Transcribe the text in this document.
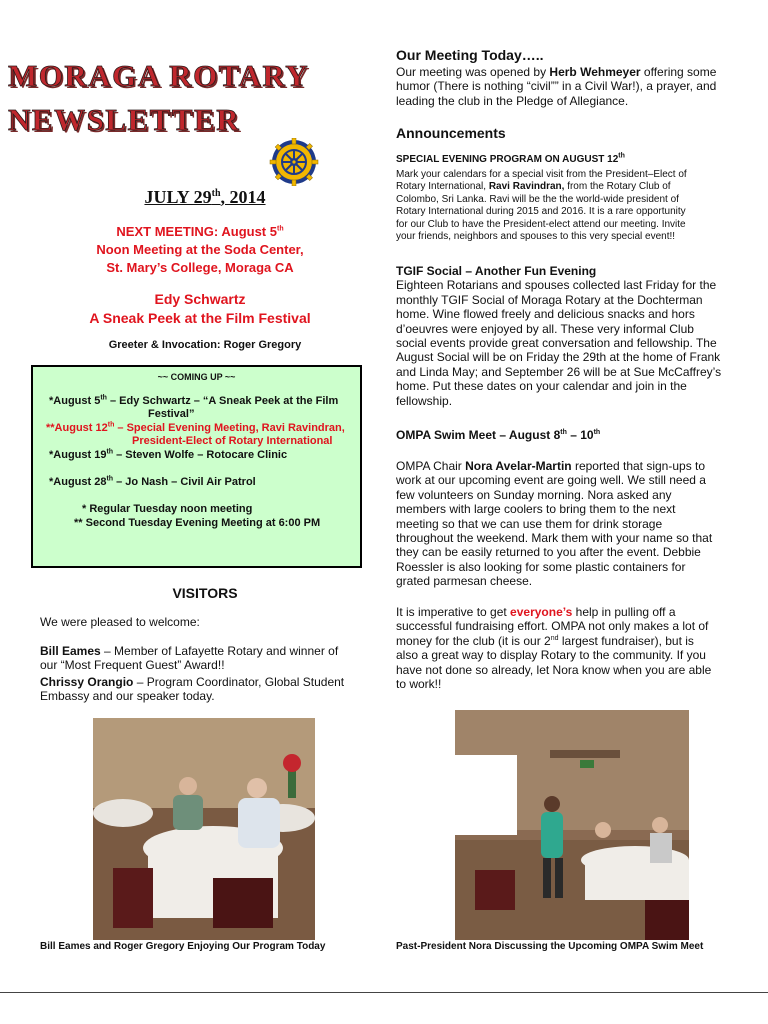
MORAGA ROTARY
NEWSLETTER
JULY 29th, 2014
NEXT MEETING: August 5th
Noon Meeting at the Soda Center,
St. Mary’s College, Moraga CA
Edy Schwartz
A Sneak Peek at the Film Festival
Greeter & Invocation: Roger Gregory
~~ COMING UP ~~
*August 5th – Edy Schwartz – “A Sneak Peek at the Film
Festival”
**August 12th – Special Evening Meeting, Ravi Ravindran,
President-Elect of Rotary International
*August 19th – Steven Wolfe – Rotocare Clinic
*August 28th – Jo Nash – Civil Air Patrol
* Regular Tuesday noon meeting
** Second Tuesday Evening Meeting at 6:00 PM
VISITORS
We were pleased to welcome:
Bill Eames – Member of Lafayette Rotary and winner of
our “Most Frequent Guest” Award!!
Chrissy Orangio – Program Coordinator, Global Student
Embassy and our speaker today.
Bill Eames and Roger Gregory Enjoying Our Program Today
Our Meeting Today…..
Our meeting was opened by Herb Wehmeyer offering some
humor (There is nothing “civil”” in a Civil War!), a prayer, and
leading the club in the Pledge of Allegiance.
Announcements
SPECIAL EVENING PROGRAM ON AUGUST 12th
Mark your calendars for a special visit from the President–Elect of
Rotary International, Ravi Ravindran, from the Rotary Club of
Colombo, Sri Lanka. Ravi will be the the world-wide president of
Rotary International during 2015 and 2016. It is a rare opportunity
for our Club to have the President-elect attend our meeting. Invite
your friends, neighbors and spouses to this very special event!!
TGIF Social – Another Fun Evening
Eighteen Rotarians and spouses collected last Friday for the
monthly TGIF Social of Moraga Rotary at the Dochterman
home. Wine flowed freely and delicious snacks and hors
d’oeuvres were enjoyed by all. These very informal Club
social events provide great conversation and fellowship. The
August Social will be on Friday the 29th at the home of Frank
and Linda May; and September 26 will be at Sue McCaffrey’s
home. Put these dates on your calendar and join in the
fellowship.
OMPA Swim Meet – August 8th – 10th
OMPA Chair Nora Avelar-Martin reported that sign-ups to
work at our upcoming event are going well. We still need a
few volunteers on Sunday morning. Nora asked any
members with large coolers to bring them to the next
meeting so that we can use them for drink storage
throughout the weekend. Mark them with your name so that
they can be easily returned to you after the event. Debbie
Roessler is also looking for some plastic containers for
grated parmesan cheese.
It is imperative to get everyone’s help in pulling off a
successful fundraising effort. OMPA not only makes a lot of
money for the club (it is our 2nd largest fundraiser), but is
also a great way to display Rotary to the community. If you
have not done so already, let Nora know when you are able
to work!!
Past-President Nora Discussing the Upcoming OMPA Swim Meet
